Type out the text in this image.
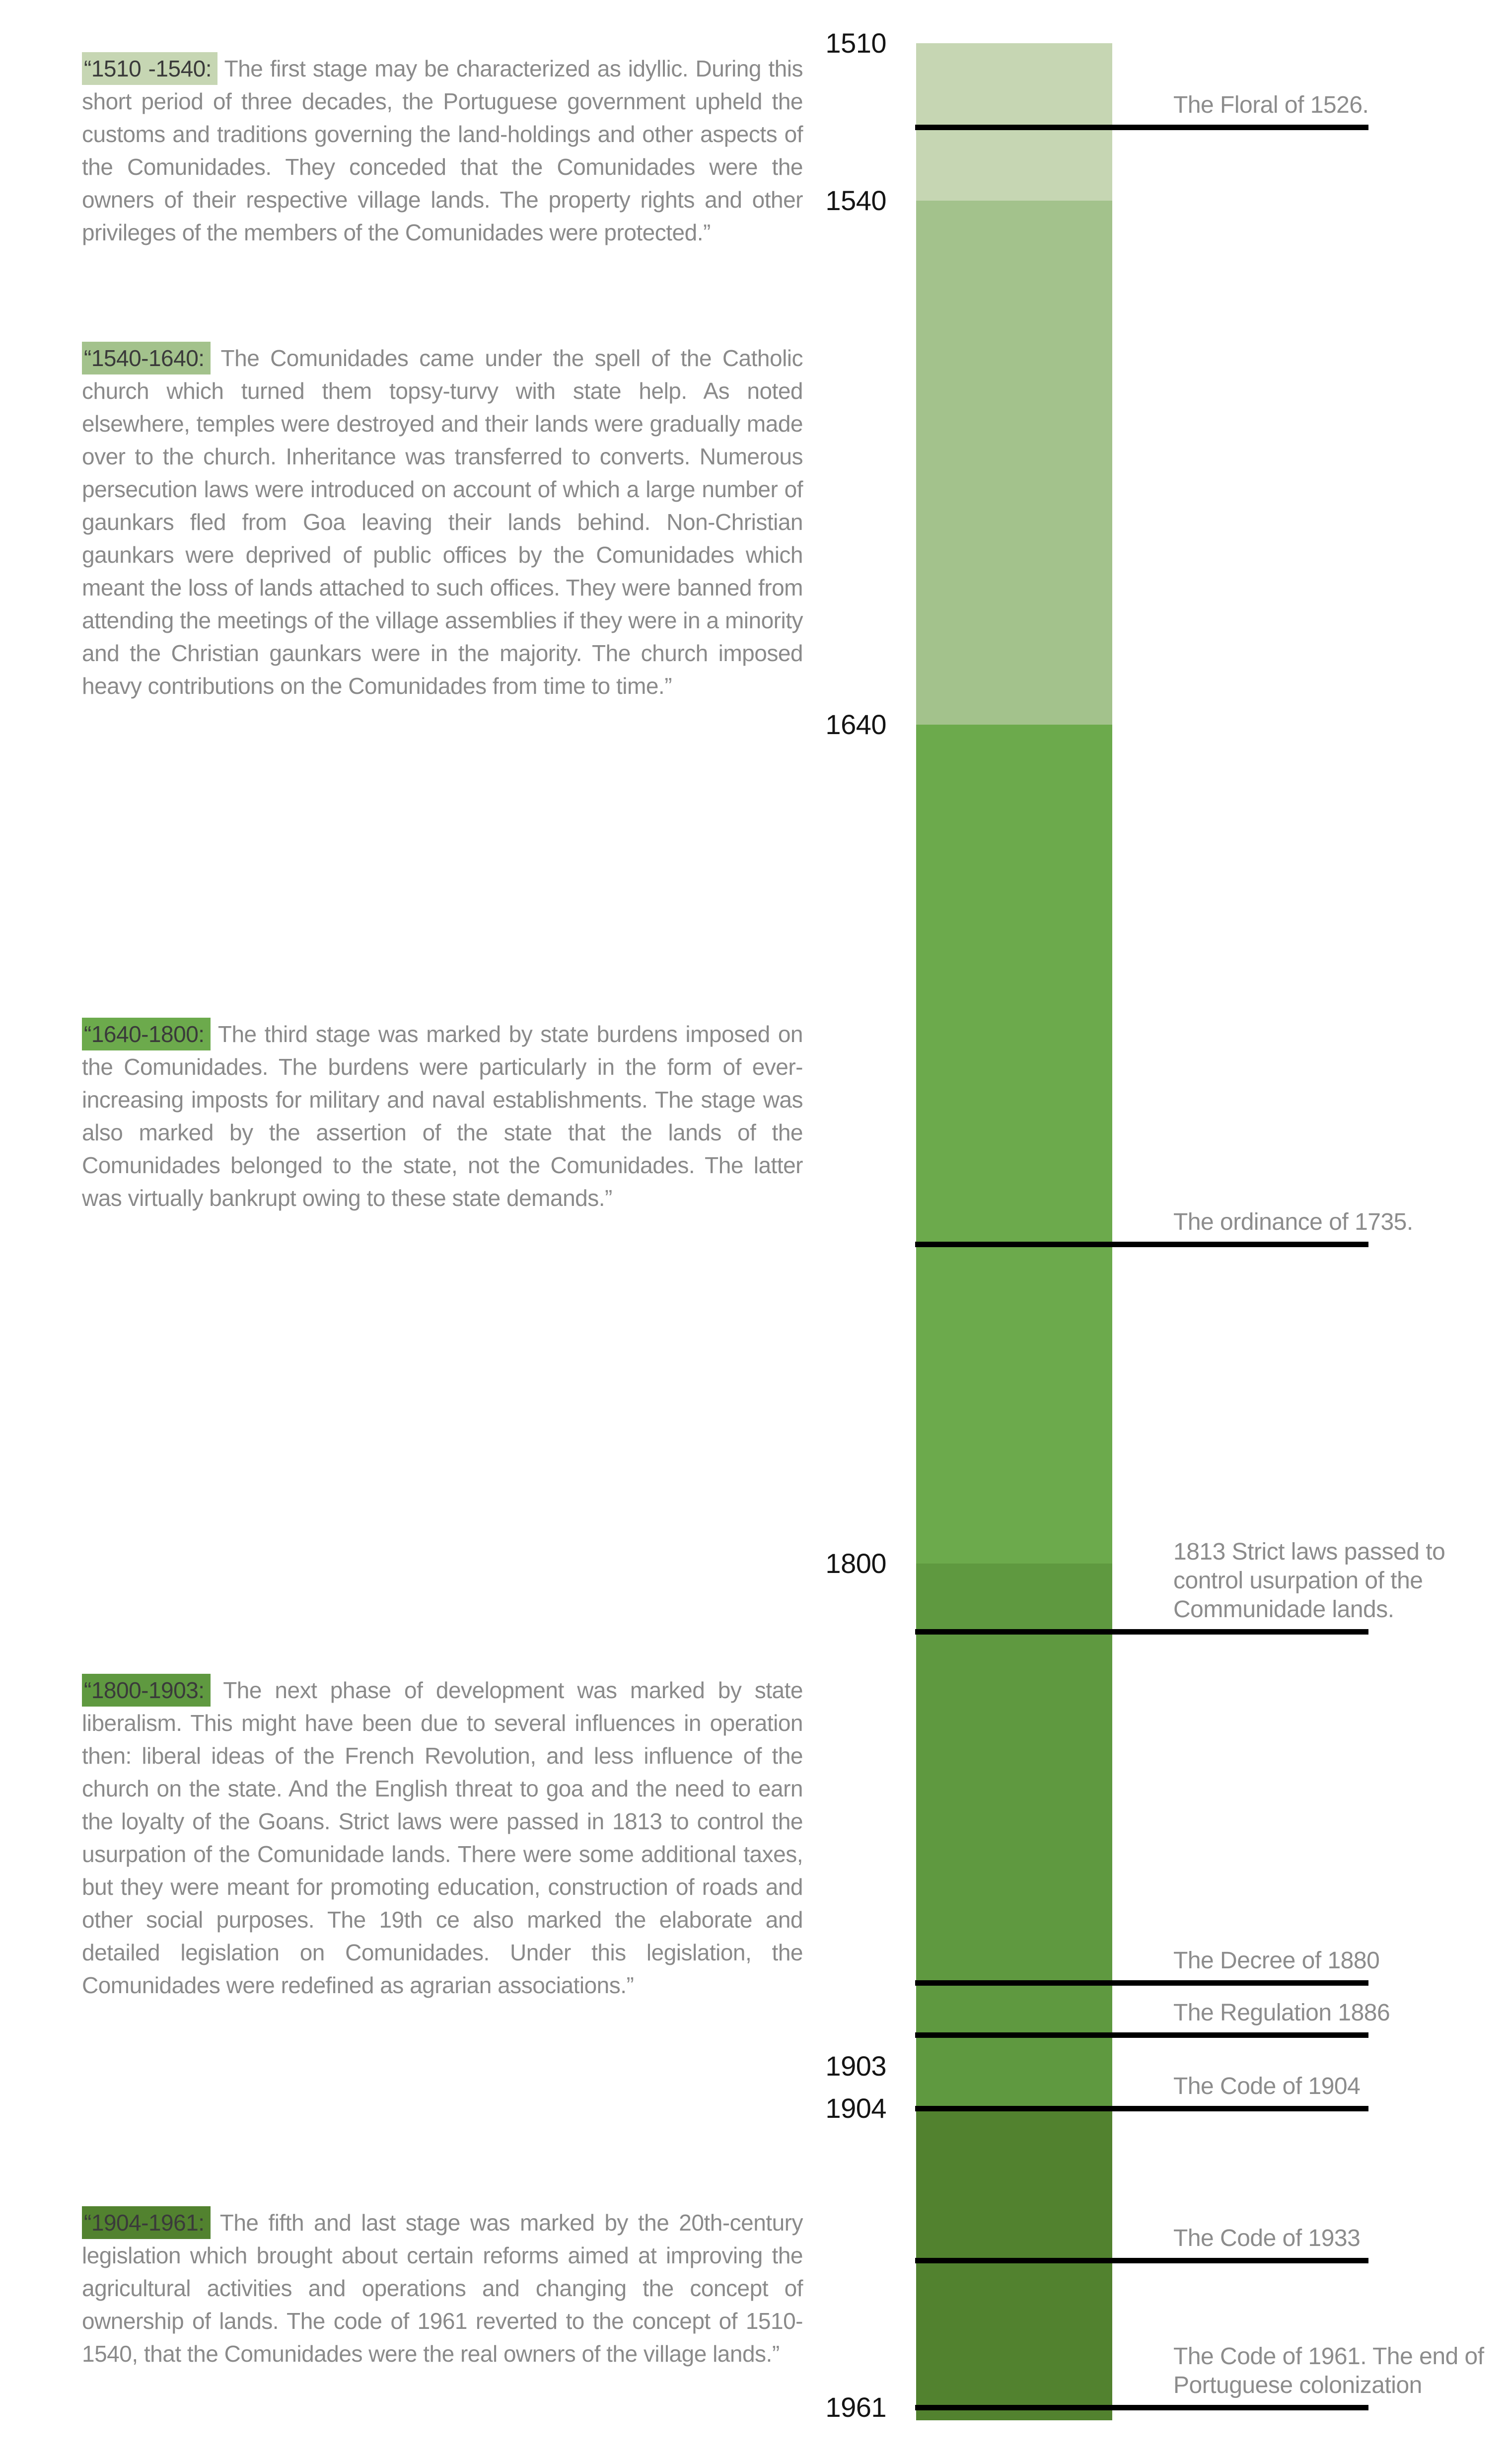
“1510 -1540: The first stage may be characterized as idyllic. During this short period of three decades, the Portuguese government upheld the customs and traditions governing the land-holdings and other aspects of the Comunidades. They conceded that the Comunidades were the owners of their respective village lands. The property rights and other privileges of the members of the Comunidades were protected.”
“1540-1640: The Comunidades came under the spell of the Catholic church which turned them topsy-turvy with state help. As noted elsewhere, temples were destroyed and their lands were gradually made over to the church. Inheritance was transferred to converts. Numerous persecution laws were introduced on account of which a large number of gaunkars fled from Goa leaving their lands behind. Non-Christian gaunkars were deprived of public offices by the Comunidades which meant the loss of lands attached to such offices. They were banned from attending the meetings of the village assemblies if they were in a minority and the Christian gaunkars were in the majority. The church imposed heavy contributions on the Comunidades from time to time.”
“1640-1800: The third stage was marked by state burdens imposed on the Comunidades. The burdens were particularly in the form of ever-increasing imposts for military and naval establishments. The stage was also marked by the assertion of the state that the lands of the Comunidades belonged to the state, not the Comunidades. The latter was virtually bankrupt owing to these state demands.”
“1800-1903: The next phase of development was marked by state liberalism. This might have been due to several influences in operation then: liberal ideas of the French Revolution, and less influence of the church on the state. And the English threat to goa and the need to earn the loyalty of the Goans. Strict laws were passed in 1813 to control the usurpation of the Comunidade lands. There were some additional taxes, but they were meant for promoting education, construction of roads and other social purposes. The 19th ce also marked the elaborate and detailed legislation on Comunidades. Under this legislation, the Comunidades were redefined as agrarian associations.”
“1904-1961: The fifth and last stage was marked by the 20th-century legislation which brought about certain reforms aimed at improving the agricultural activities and operations and changing the concept of ownership of lands. The code of 1961 reverted to the concept of 1510-1540, that the Comunidades were the real owners of the village lands.”
The Floral of 1526.
The ordinance of 1735.
1813 Strict laws passed to
control usurpation of the
Communidade lands.
The Decree of 1880
The Regulation 1886
The Code of 1904
The Code of 1933
The Code of 1961. The end of
Portuguese colonization
1510
1540
1640
1800
1903
1904
1961
